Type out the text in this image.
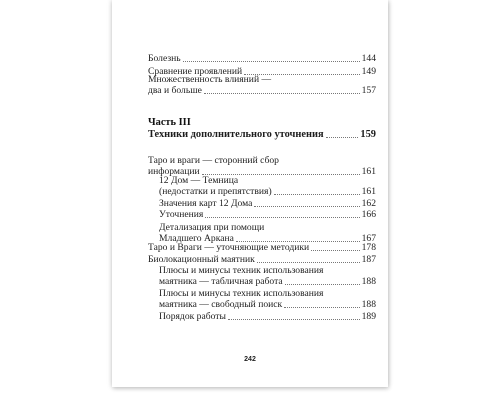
Болезнь	144
Сравнение проявлений	149
Множественность влияний —
два и больше	157
Часть III
Техники дополнительного уточнения	159
Таро и враги — сторонний сбор
информации	161
12 Дом — Темница
(недостатки и препятствия)	161
Значения карт 12 Дома	162
Уточнения	166
Детализация при помощи
Младшего Аркана	167
Таро и Враги — уточняющие методики	178
Биолокационный маятник	187
Плюсы и минусы техник использования
маятника — табличная работа	188
Плюсы и минусы техник использования
маятника — свободный поиск	188
Порядок работы	189
242
